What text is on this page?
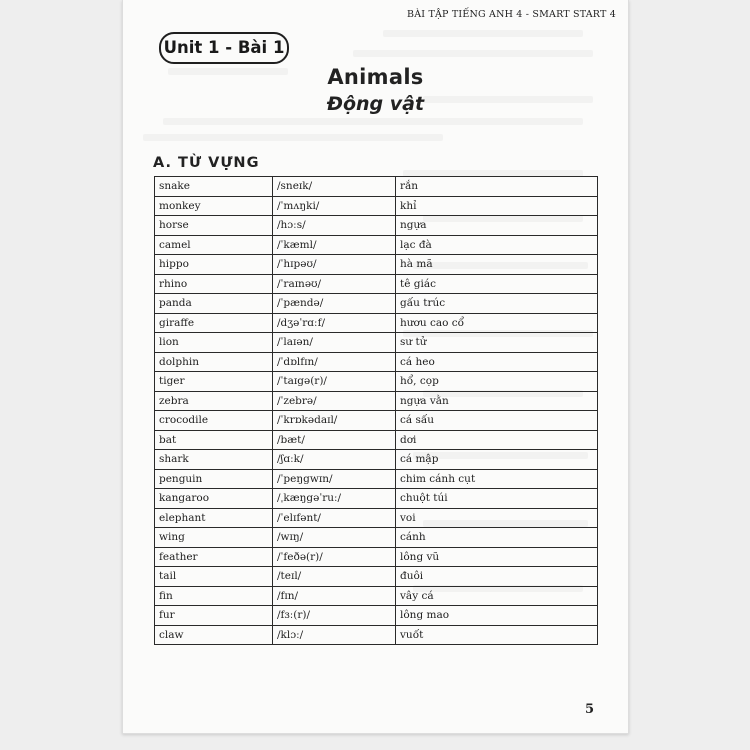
BÀI TẬP TIẾNG ANH 4 - SMART START 4
Unit 1 - Bài 1
Animals
Động vật
A. TỪ VỰNG
snake	/sneɪk/	rắn
monkey	/ˈmʌŋki/	khỉ
horse	/hɔːs/	ngựa
camel	/ˈkæml/	lạc đà
hippo	/ˈhɪpəʊ/	hà mã
rhino	/ˈraɪnəʊ/	tê giác
panda	/ˈpændə/	gấu trúc
giraffe	/dʒəˈrɑːf/	hươu cao cổ
lion	/ˈlaɪən/	sư tử
dolphin	/ˈdɒlfɪn/	cá heo
tiger	/ˈtaɪgə(r)/	hổ, cọp
zebra	/ˈzebrə/	ngựa vằn
crocodile	/ˈkrɒkədaɪl/	cá sấu
bat	/bæt/	dơi
shark	/ʃɑːk/	cá mập
penguin	/ˈpeŋgwɪn/	chim cánh cụt
kangaroo	/ˌkæŋgəˈruː/	chuột túi
elephant	/ˈelɪfənt/	voi
wing	/wɪŋ/	cánh
feather	/ˈfeðə(r)/	lông vũ
tail	/teɪl/	đuôi
fin	/fɪn/	vây cá
fur	/fɜː(r)/	lông mao
claw	/klɔː/	vuốt
5
